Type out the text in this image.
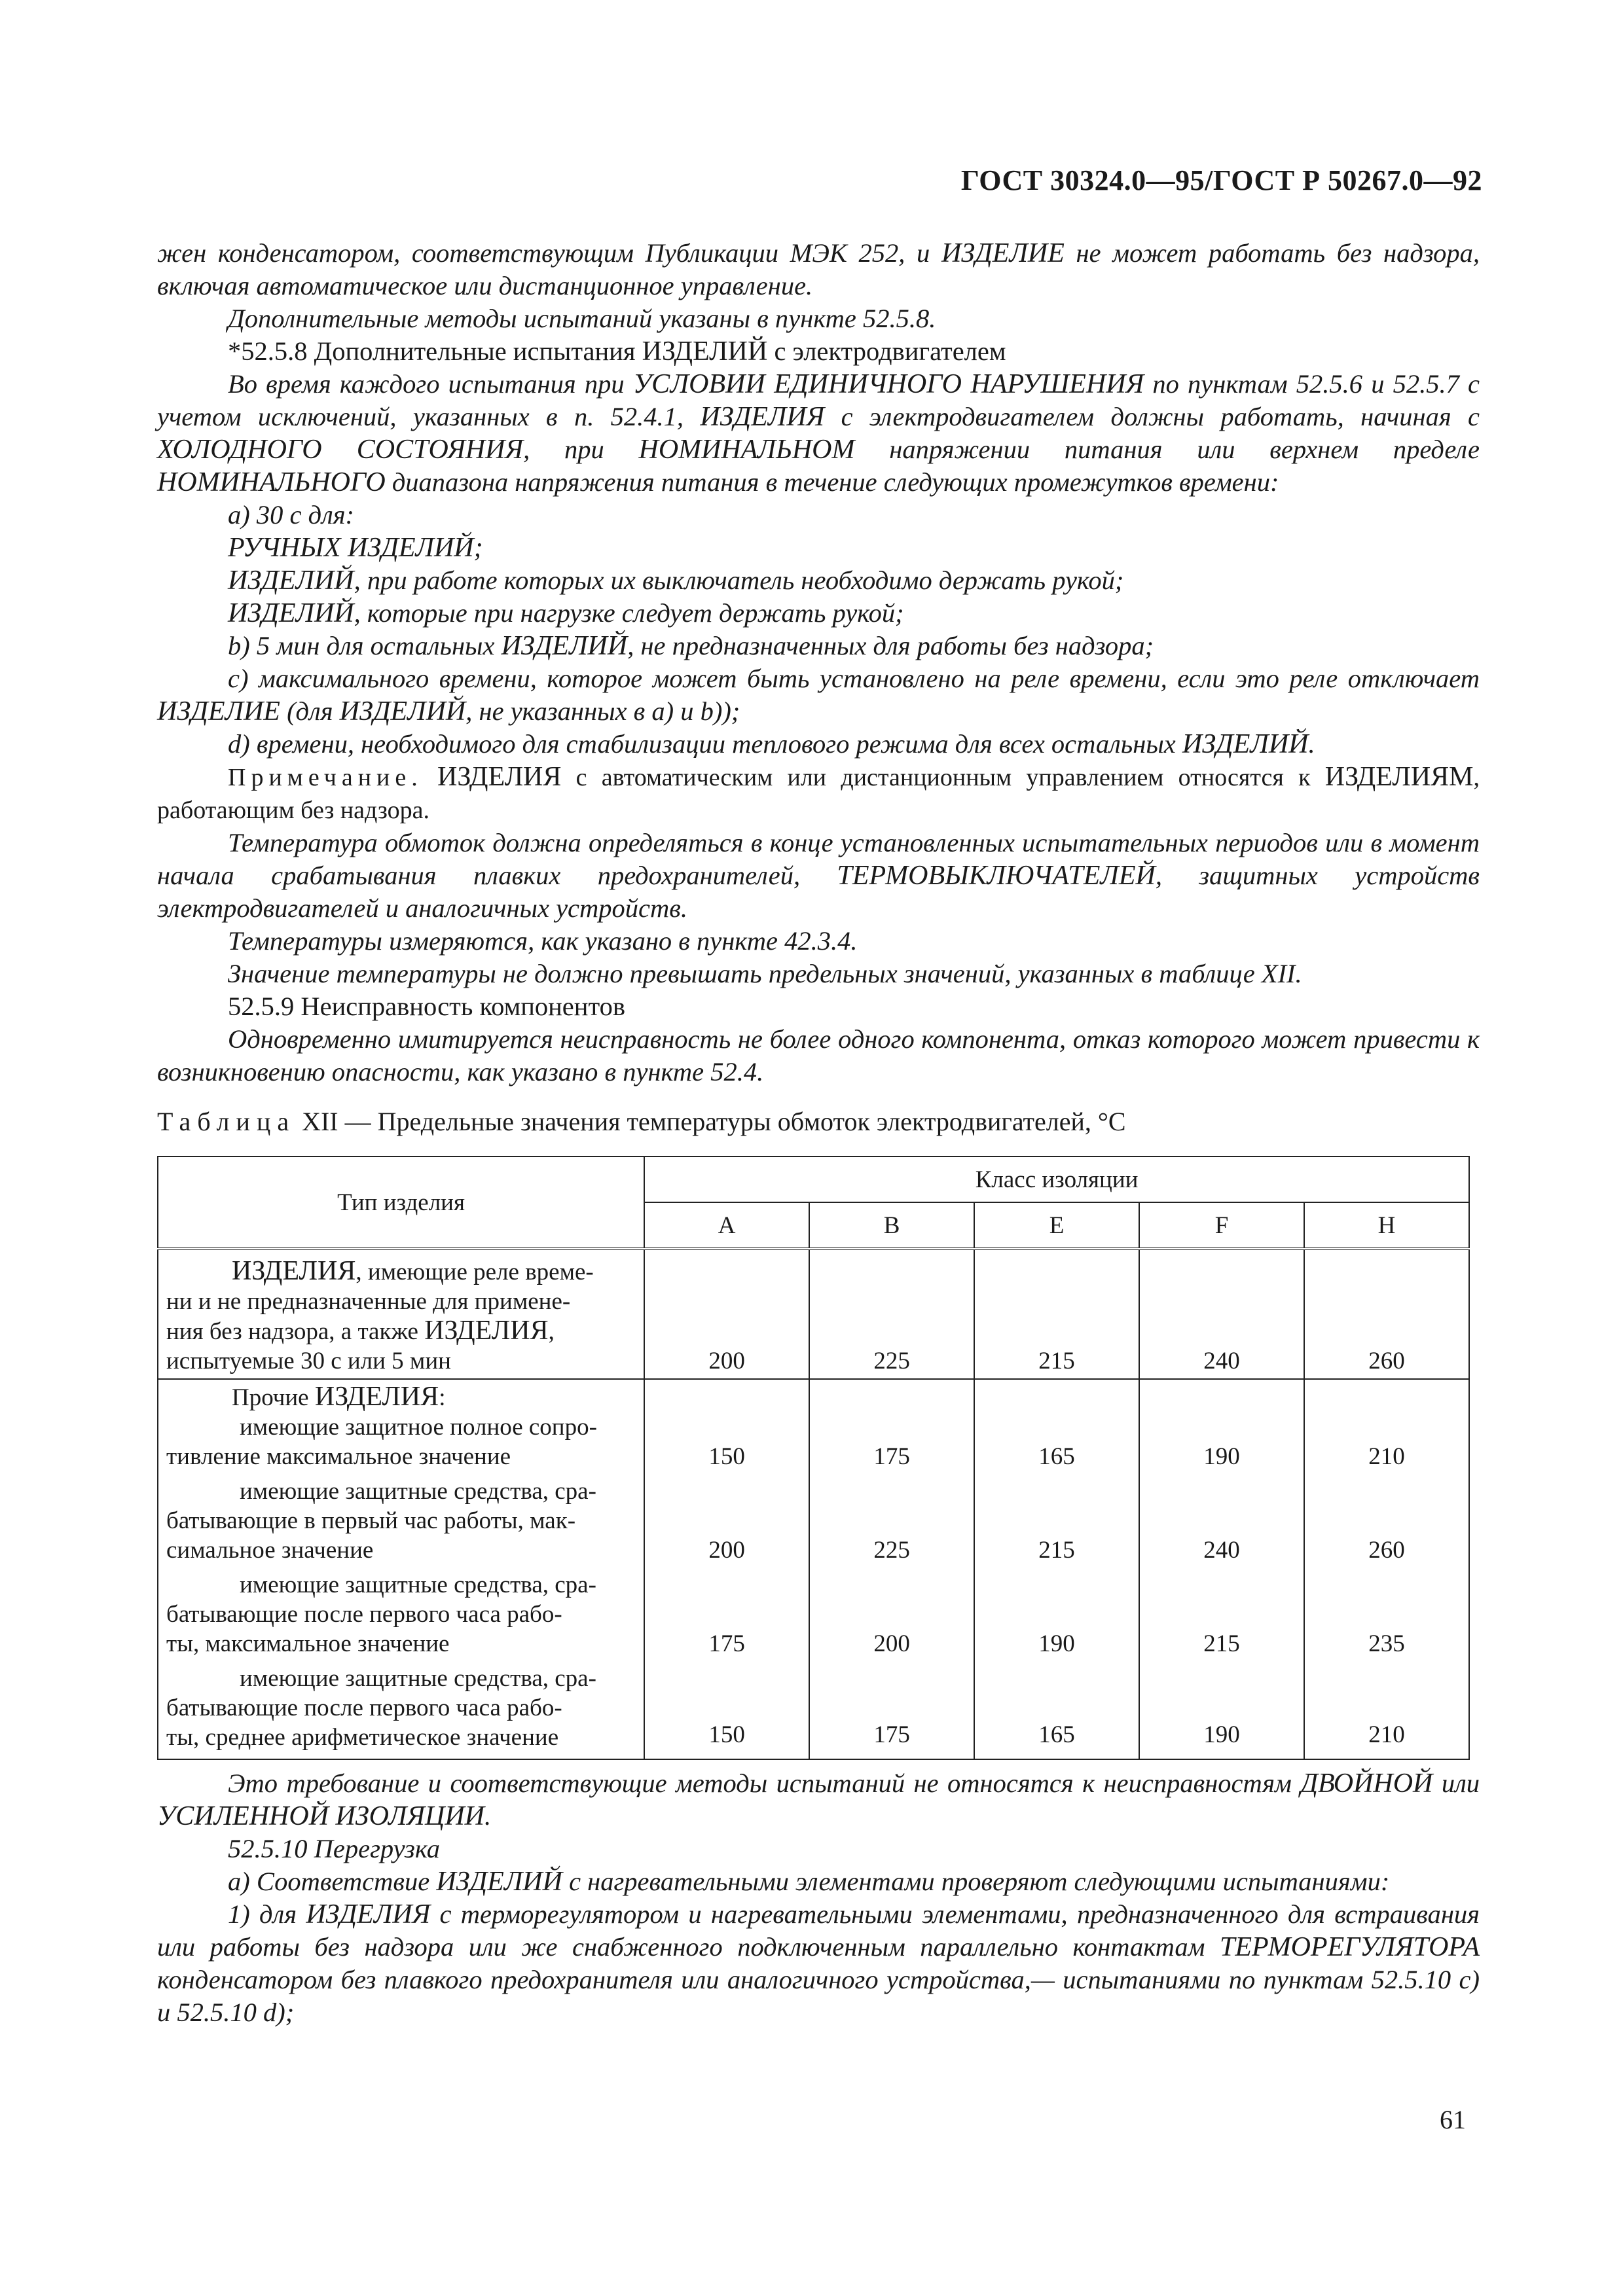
ГОСТ 30324.0—95/ГОСТ Р 50267.0—92

жен конденсатором, соответствующим Публикации МЭК 252, и ИЗДЕЛИЕ не может работать без надзора, включая автоматическое или дистанционное управление.

Дополнительные методы испытаний указаны в пункте 52.5.8.

*52.5.8 Дополнительные испытания ИЗДЕЛИЙ с электродвигателем

Во время каждого испытания при УСЛОВИИ ЕДИНИЧНОГО НАРУШЕНИЯ по пунктам 52.5.6 и 52.5.7 с учетом исключений, указанных в п. 52.4.1, ИЗДЕЛИЯ с электродвигателем должны работать, начиная с ХОЛОДНОГО СОСТОЯНИЯ, при НОМИНАЛЬНОМ напряжении питания или верхнем пределе НОМИНАЛЬНОГО диапазона напряжения питания в течение следующих промежутков времени:

а) 30 с для:

РУЧНЫХ ИЗДЕЛИЙ;

ИЗДЕЛИЙ, при работе которых их выключатель необходимо держать рукой;

ИЗДЕЛИЙ, которые при нагрузке следует держать рукой;

b) 5 мин для остальных ИЗДЕЛИЙ, не предназначенных для работы без надзора;

с) максимального времени, которое может быть установлено на реле времени, если это реле отключает ИЗДЕЛИЕ (для ИЗДЕЛИЙ, не указанных в а) и b));

d) времени, необходимого для стабилизации теплового режима для всех остальных ИЗДЕЛИЙ.

Примечание. ИЗДЕЛИЯ с автоматическим или дистанционным управлением относятся к ИЗДЕЛИЯМ, работающим без надзора.

Температура обмоток должна определяться в конце установленных испытательных периодов или в момент начала срабатывания плавких предохранителей, ТЕРМОВЫКЛЮЧАТЕЛЕЙ, защитных устройств электродвигателей и аналогичных устройств.

Температуры измеряются, как указано в пункте 42.3.4.

Значение температуры не должно превышать предельных значений, указанных в таблице XII.

52.5.9 Неисправность компонентов

Одновременно имитируется неисправность не более одного компонента, отказ которого может привести к возникновению опасности, как указано в пункте 52.4.

Таблица XII — Предельные значения температуры обмоток электродвигателей, °С
Тип изделия	Класс изоляции				
	А	В	Е	F	Н

ИЗДЕЛИЯ, имеющие реле време-
ни и не предназначенные для примене-
ния без надзора, а также ИЗДЕЛИЯ,
испытуемые 30 с или 5 мин	200	225	215	240	260

Прочие ИЗДЕЛИЯ:
имеющие защитное полное сопро-
тивление максимальное значение	150	175	165	190	210

имеющие защитные средства, сра-
батывающие в первый час работы, мак-
симальное значение	200	225	215	240	260

имеющие защитные средства, сра-
батывающие после первого часа рабо-
ты, максимальное значение	175	200	190	215	235

имеющие защитные средства, сра-
батывающие после первого часа рабо-
ты, среднее арифметическое значение	150	175	165	190	210

Это требование и соответствующие методы испытаний не относятся к неисправностям ДВОЙНОЙ или УСИЛЕННОЙ ИЗОЛЯЦИИ.

52.5.10 Перегрузка

а) Соответствие ИЗДЕЛИЙ с нагревательными элементами проверяют следующими испытаниями:

1) для ИЗДЕЛИЯ с терморегулятором и нагревательными элементами, предназначенного для встраивания или работы без надзора или же снабженного подключенным параллельно контактам ТЕРМОРЕГУЛЯТОРА конденсатором без плавкого предохранителя или аналогичного устройства,— испытаниями по пунктам 52.5.10 с) и 52.5.10 d);

61
